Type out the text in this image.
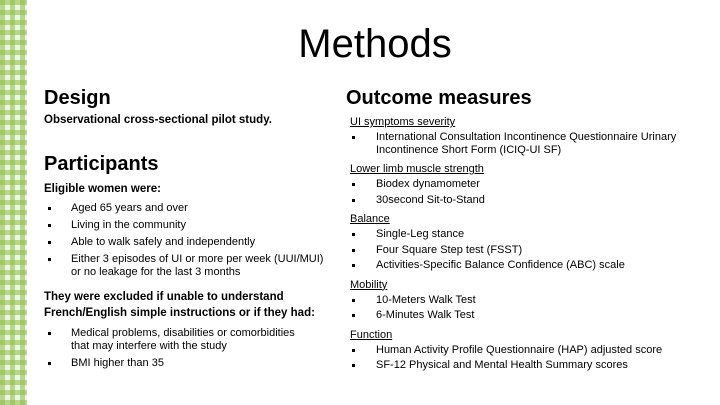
Methods
Design
Observational cross-sectional pilot study.
Participants
Eligible women were:
Aged 65 years and over
Living in the community
Able to walk safely and independently
Either 3 episodes of UI or more per week (UUI/MUI) or no leakage for the last 3 months
They were excluded if unable to understand French/English simple instructions or if they had:
Medical problems, disabilities or comorbidities that may interfere with the study
BMI higher than 35
Outcome measures
UI symptoms severity
International Consultation Incontinence Questionnaire Urinary Incontinence Short Form (ICIQ-UI SF)
Lower limb muscle strength
Biodex dynamometer
30second Sit-to-Stand
Balance
Single-Leg stance
Four Square Step test (FSST)
Activities-Specific Balance Confidence (ABC) scale
Mobility
10-Meters Walk Test
6-Minutes Walk Test
Function
Human Activity Profile Questionnaire (HAP) adjusted score
SF-12 Physical and Mental Health Summary scores
